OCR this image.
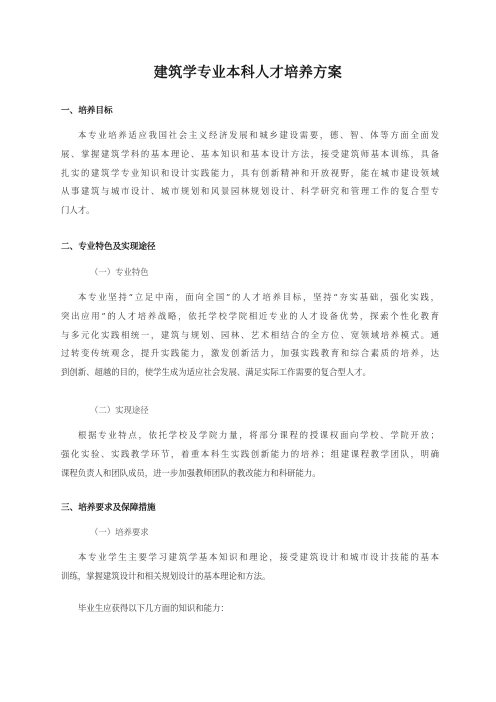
建筑学专业本科人才培养方案
一、培养目标
本专业培养适应我国社会主义经济发展和城乡建设需要，德、智、体等方面全面发
展、掌握建筑学科的基本理论、基本知识和基本设计方法，接受建筑师基本训练，具备
扎实的建筑学专业知识和设计实践能力，具有创新精神和开放视野，能在城市建设领域
从事建筑与城市设计、城市规划和风景园林规划设计、科学研究和管理工作的复合型专
门人才。
二、专业特色及实现途径
（一）专业特色
本专业坚持“立足中南，面向全国”的人才培养目标，坚持“夯实基础，强化实践，
突出应用”的人才培养战略，依托学校学院相近专业的人才设备优势，探索个性化教育
与多元化实践相统一，建筑与规划、园林、艺术相结合的全方位、宽领域培养模式。通
过转变传统观念，提升实践能力，激发创新活力，加强实践教育和综合素质的培养，达
到创新、超越的目的，使学生成为适应社会发展、满足实际工作需要的复合型人才。
（二）实现途径
根据专业特点，依托学校及学院力量，将部分课程的授课权面向学校、学院开放；
强化实验、实践教学环节，着重本科生实践创新能力的培养；组建课程教学团队，明确
课程负责人和团队成员，进一步加强教师团队的教改能力和科研能力。
三、培养要求及保障措施
（一）培养要求
本专业学生主要学习建筑学基本知识和理论，接受建筑设计和城市设计技能的基本
训练，掌握建筑设计和相关规划设计的基本理论和方法。
毕业生应获得以下几方面的知识和能力：
